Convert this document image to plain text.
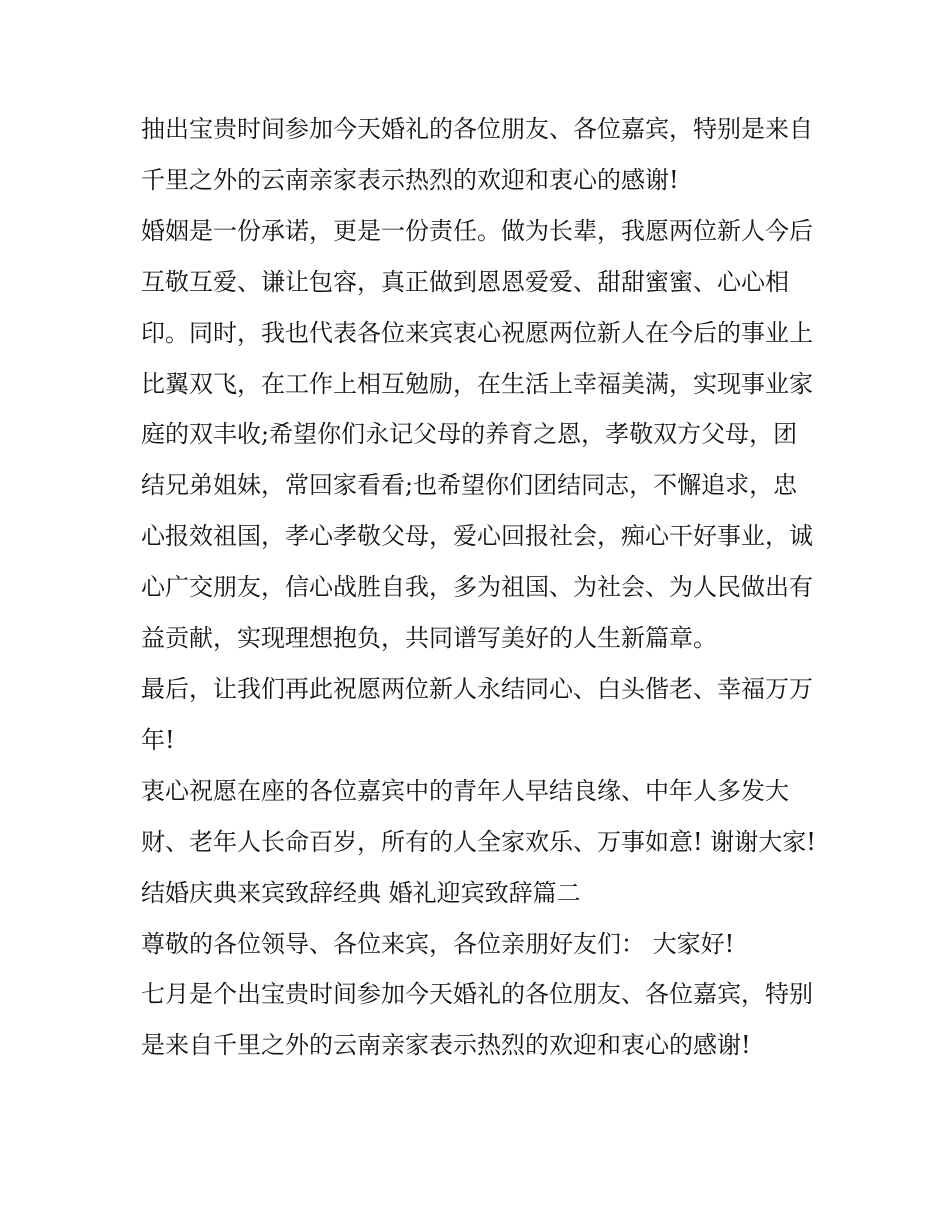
抽出宝贵时间参加今天婚礼的各位朋友、各位嘉宾，特别是来自千里之外的云南亲家表示热烈的欢迎和衷心的感谢!

婚姻是一份承诺，更是一份责任。做为长辈，我愿两位新人今后互敬互爱、谦让包容，真正做到恩恩爱爱、甜甜蜜蜜、心心相印。同时，我也代表各位来宾衷心祝愿两位新人在今后的事业上比翼双飞，在工作上相互勉励，在生活上幸福美满，实现事业家庭的双丰收;希望你们永记父母的养育之恩，孝敬双方父母，团结兄弟姐妹，常回家看看;也希望你们团结同志，不懈追求，忠心报效祖国，孝心孝敬父母，爱心回报社会，痴心干好事业，诚心广交朋友，信心战胜自我，多为祖国、为社会、为人民做出有益贡献，实现理想抱负，共同谱写美好的人生新篇章。

最后，让我们再此祝愿两位新人永结同心、白头偕老、幸福万万年!

衷心祝愿在座的各位嘉宾中的青年人早结良缘、中年人多发大财、老年人长命百岁，所有的人全家欢乐、万事如意! 谢谢大家! 结婚庆典来宾致辞经典 婚礼迎宾致辞篇二

尊敬的各位领导、各位来宾，各位亲朋好友们： 大家好!

七月是个出宝贵时间参加今天婚礼的各位朋友、各位嘉宾，特别是来自千里之外的云南亲家表示热烈的欢迎和衷心的感谢!
